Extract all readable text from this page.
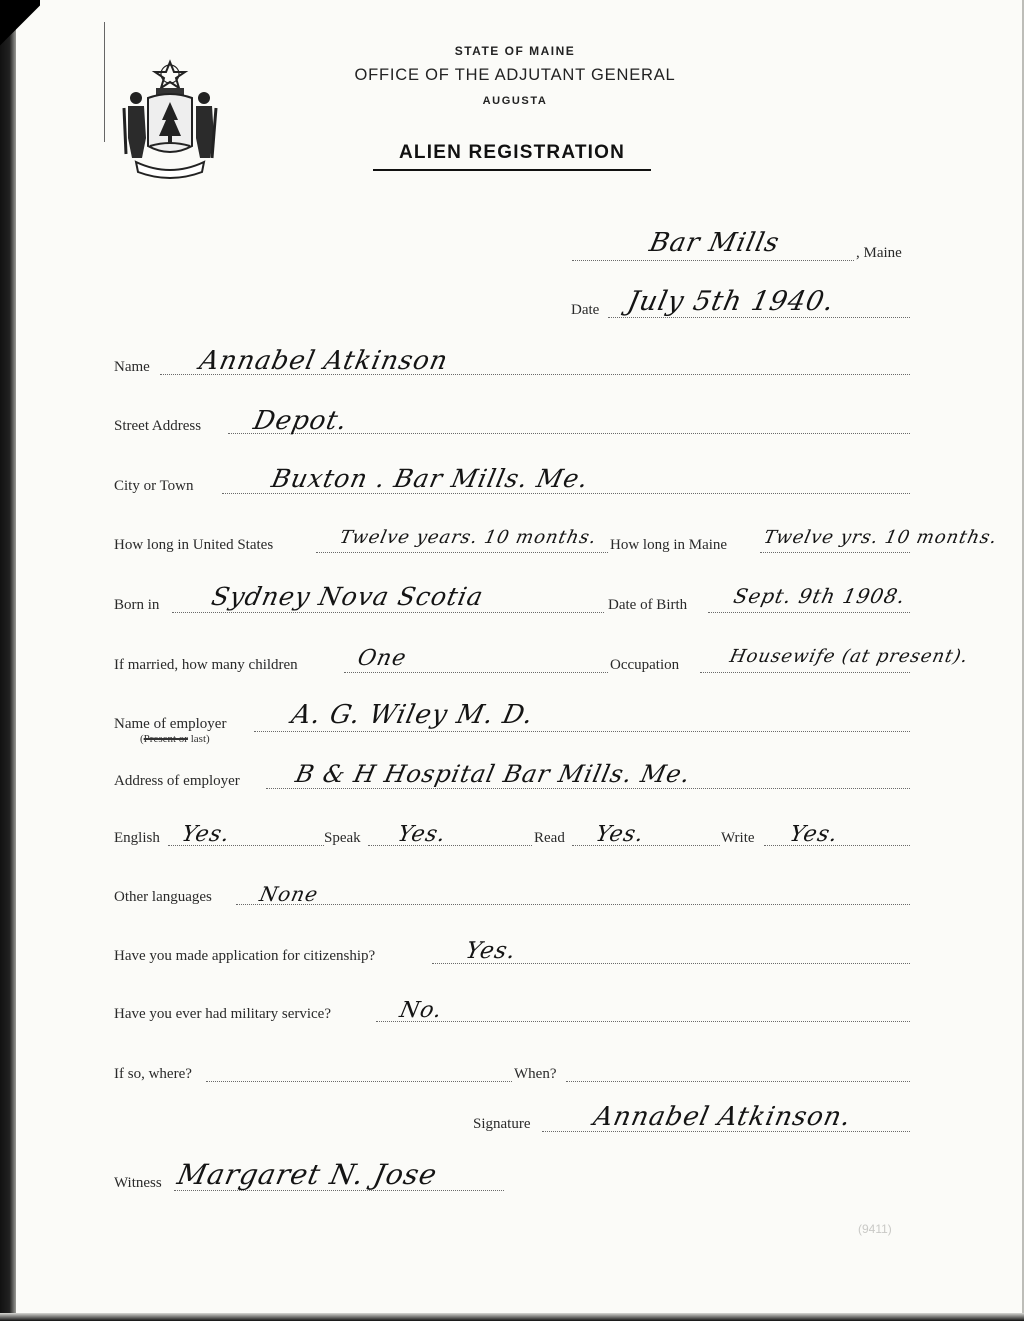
STATE OF MAINE
OFFICE OF THE ADJUTANT GENERAL
AUGUSTA
ALIEN REGISTRATION
Bar Mills	, Maine
Date July 5th 1940.
Name Annabel Atkinson
Street Address Depot.
City or Town	Buxton . Bar Mills. Me.
How long in United States	Twelve years. 10 months. How long in Maine Twelve yrs. 10 months.
Born in Sydney Nova Scotia	Date of Birth Sept. 9th 1908.
If married, how many children	One	Occupation	Housewife (at present).
Name of employer
(Present or last)
A. G. Wiley M. D.
Address of employer B & H Hospital Bar Mills. Me.
English Yes.	Speak Yes.	Read Yes.	Write Yes.
Other languages None
Have you made application for citizenship?	Yes.
Have you ever had military service?	No.
If so, where?	When?
Signature Annabel Atkinson.
Witness Margaret N. Jose
(9411)
